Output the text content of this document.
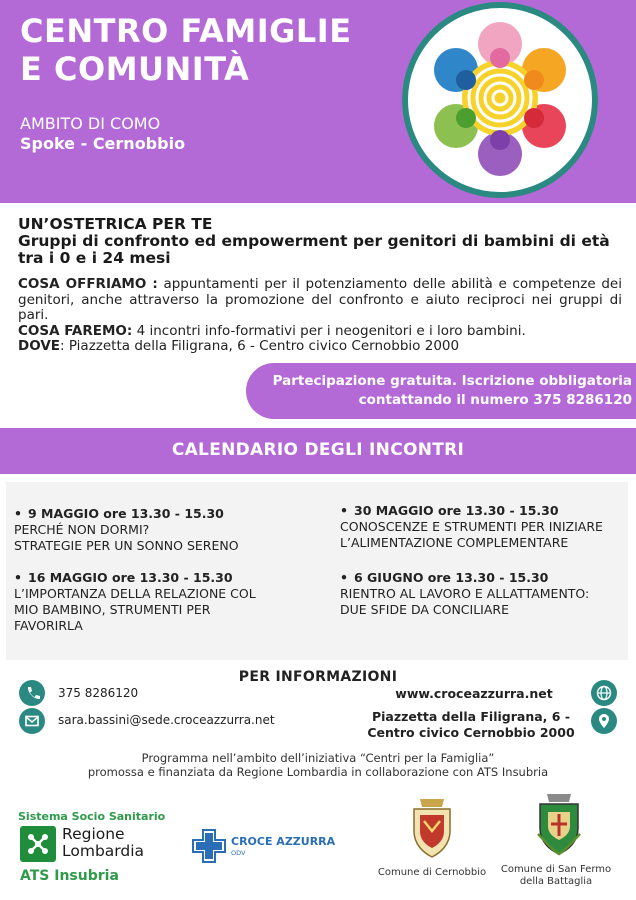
CENTRO FAMIGLIE
E COMUNITÀ
AMBITO DI COMO
Spoke - Cernobbio
UN’OSTETRICA PER TE
Gruppi di confronto ed empowerment per genitori di bambini di età tra i 0 e i 24 mesi
COSA OFFRIAMO : appuntamenti per il potenziamento delle abilità e competenze dei genitori, anche attraverso la promozione del confronto e aiuto reciproci nei gruppi di pari.
COSA FAREMO: 4 incontri info-formativi per i neogenitori e i loro bambini.
DOVE: Piazzetta della Filigrana, 6 - Centro civico Cernobbio 2000
Partecipazione gratuita. Iscrizione obbligatoria
contattando il numero 375 8286120
CALENDARIO DEGLI INCONTRI
• 9 MAGGIO ore 13.30 - 15.30
PERCHÉ NON DORMI?
STRATEGIE PER UN SONNO SERENO
• 30 MAGGIO ore 13.30 - 15.30
CONOSCENZE E STRUMENTI PER INIZIARE
L’ALIMENTAZIONE COMPLEMENTARE
• 16 MAGGIO ore 13.30 - 15.30
L’IMPORTANZA DELLA RELAZIONE COL
MIO BAMBINO, STRUMENTI PER
FAVORIRLA
• 6 GIUGNO ore 13.30 - 15.30
RIENTRO AL LAVORO E ALLATTAMENTO:
DUE SFIDE DA CONCILIARE
PER INFORMAZIONI
375 8286120
sara.bassini@sede.croceazzurra.net
www.croceazzurra.net
Piazzetta della Filigrana, 6 -
Centro civico Cernobbio 2000
Programma nell’ambito dell’iniziativa “Centri per la Famiglia”
promossa e finanziata da Regione Lombardia in collaborazione con ATS Insubria
Sistema Socio Sanitario
Regione
Lombardia
ATS Insubria
CROCE AZZURRA
ODV
Comune di Cernobbio	Comune di San Fermo
della Battaglia
